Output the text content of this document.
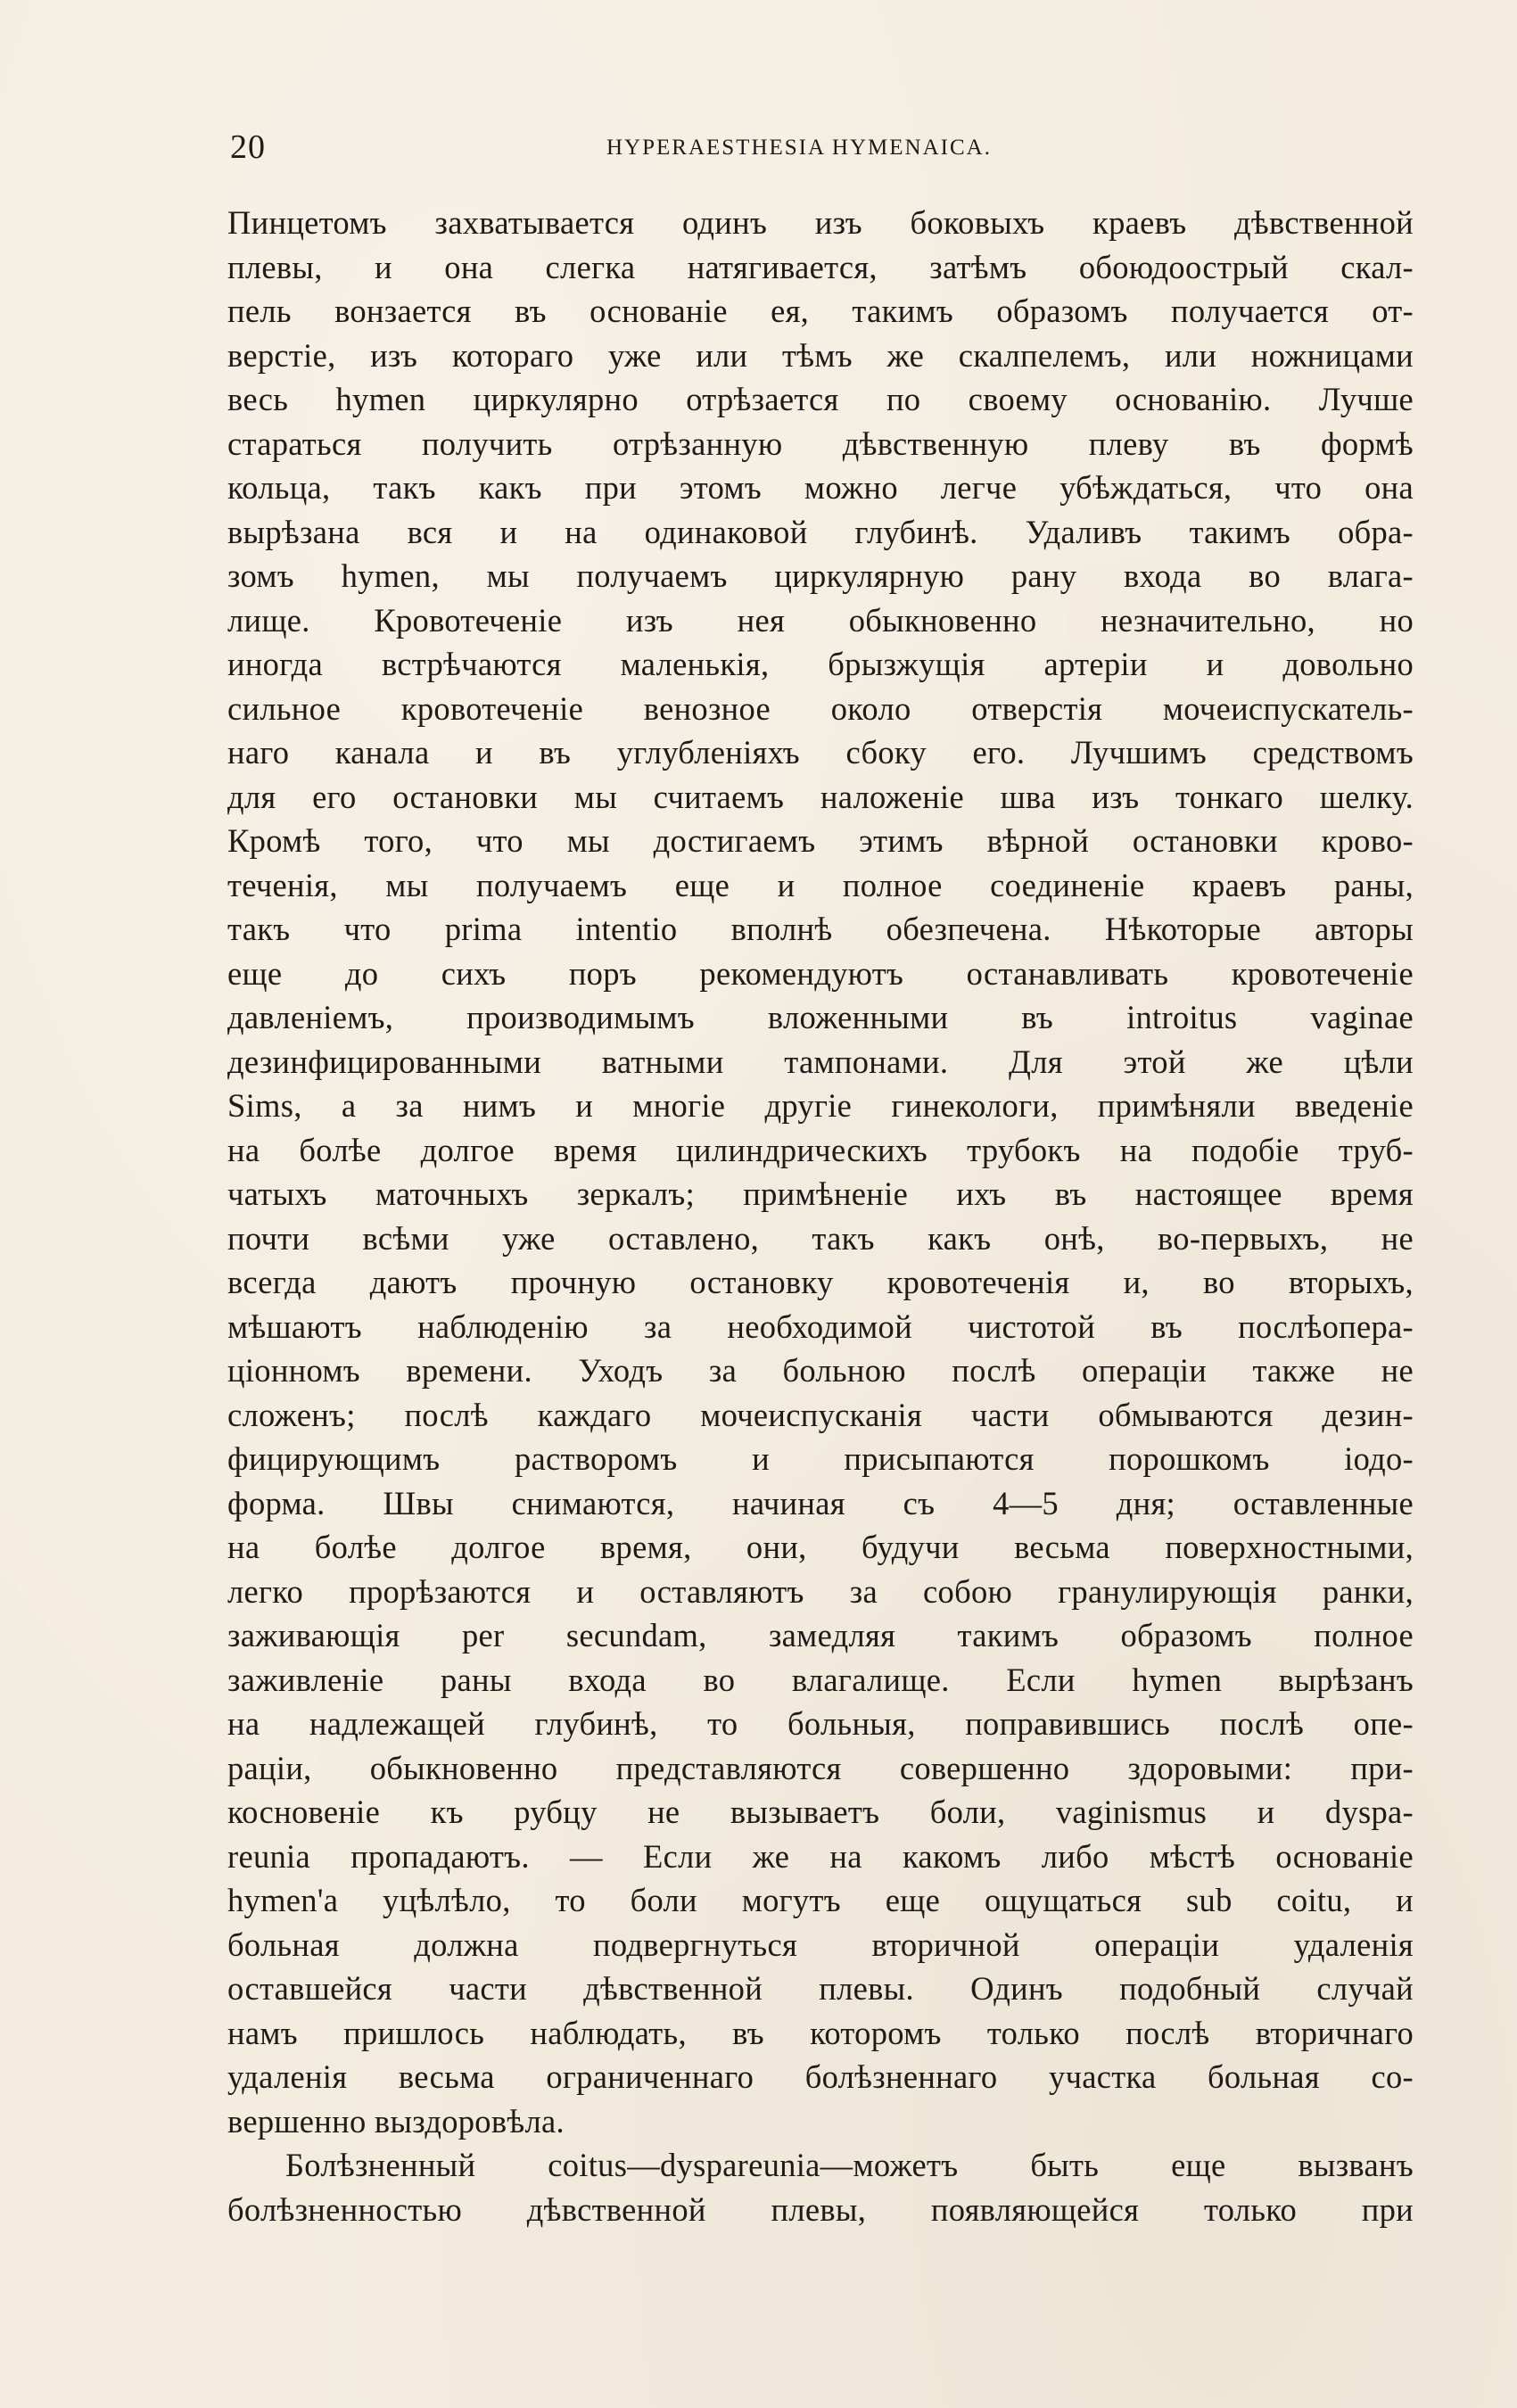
20	HYPERAESTHESIA HYMENAICA.
Пинцетомъ захватывается одинъ изъ боковыхъ краевъ дѣвственной
плевы, и она слегка натягивается, затѣмъ обоюдоострый скал-
пель вонзается въ основаніе ея, такимъ образомъ получается от-
верстіе, изъ котораго уже или тѣмъ же скалпелемъ, или ножницами
весь hymen циркулярно отрѣзается по своему основанію. Лучше
стараться получить отрѣзанную дѣвственную плеву въ формѣ
кольца, такъ какъ при этомъ можно легче убѣждаться, что она
вырѣзана вся и на одинаковой глубинѣ. Удаливъ такимъ обра-
зомъ hymen, мы получаемъ циркулярную рану входа во влага-
лище. Кровотеченіе изъ нея обыкновенно незначительно, но
иногда встрѣчаются маленькія, брызжущія артеріи и довольно
сильное кровотеченіе венозное около отверстія мочеиспускатель-
наго канала и въ углубленіяхъ сбоку его. Лучшимъ средствомъ
для его остановки мы считаемъ наложеніе шва изъ тонкаго шелку.
Кромѣ того, что мы достигаемъ этимъ вѣрной остановки крово-
теченія, мы получаемъ еще и полное соединеніе краевъ раны,
такъ что prima intentio вполнѣ обезпечена. Нѣкоторые авторы
еще до сихъ поръ рекомендуютъ останавливать кровотеченіе
давленіемъ, производимымъ вложенными въ introitus vaginae
дезинфицированными ватными тампонами. Для этой же цѣли
Sims, а за нимъ и многіе другіе гинекологи, примѣняли введеніе
на болѣе долгое время цилиндрическихъ трубокъ на подобіе труб-
чатыхъ маточныхъ зеркалъ; примѣненіе ихъ въ настоящее время
почти всѣми уже оставлено, такъ какъ онѣ, во-первыхъ, не
всегда даютъ прочную остановку кровотеченія и, во вторыхъ,
мѣшаютъ наблюденію за необходимой чистотой въ послѣопера-
ціонномъ времени. Уходъ за больною послѣ операціи также не
сложенъ; послѣ каждаго мочеиспусканія части обмываются дезин-
фицирующимъ растворомъ и присыпаются порошкомъ іодо-
форма. Швы снимаются, начиная съ 4—5 дня; оставленные
на болѣе долгое время, они, будучи весьма поверхностными,
легко прорѣзаются и оставляютъ за собою гранулирующія ранки,
заживающія per secundam, замедляя такимъ образомъ полное
заживленіе раны входа во влагалище. Если hymen вырѣзанъ
на надлежащей глубинѣ, то больныя, поправившись послѣ опе-
раціи, обыкновенно представляются совершенно здоровыми: при-
косновеніе къ рубцу не вызываетъ боли, vaginismus и dyspa-
reunia пропадаютъ. — Если же на какомъ либо мѣстѣ основаніе
hymen'а уцѣлѣло, то боли могутъ еще ощущаться sub coitu, и
больная должна подвергнуться вторичной операціи удаленія
оставшейся части дѣвственной плевы. Одинъ подобный случай
намъ пришлось наблюдать, въ которомъ только послѣ вторичнаго
удаленія весьма ограниченнаго болѣзненнаго участка больная со-
вершенно выздоровѣла.
Болѣзненный coitus—dyspareunia—можетъ быть еще вызванъ
болѣзненностью дѣвственной плевы, появляющейся только при
